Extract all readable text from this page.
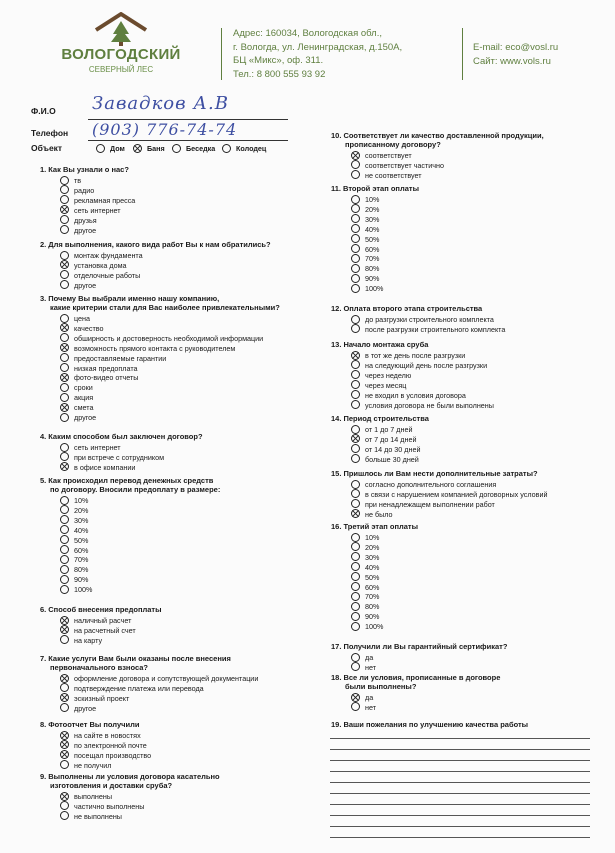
ВОЛОГОДСКИЙ
СЕВЕРНЫЙ ЛЕС
Адрес: 160034, Вологодская обл.,
г. Вологда, ул. Ленинградская, д.150А,
БЦ «Микс», оф. 311.
Тел.: 8 800 555 93 92
E-mail: eco@vosl.ru
Сайт: www.vols.ru
Ф.И.О Завадков А.В
Телефон (903) 776-74-74
Объект	Дом	Баня	Беседка	Колодец
1. Как Вы узнали о нас?
тв
радио
рекламная пресса
сеть интернет
друзья
другое
2. Для выполнения, какого вида работ Вы к нам обратились?
монтаж фундамента
установка дома
отделочные работы
другое
3. Почему Вы выбрали именно нашу компанию,
какие критерии стали для Вас наиболее привлекательными?
цена
качество
обширность и достоверность необходимой информации
возможность прямого контакта с руководителем
предоставляемые гарантии
низкая предоплата
фото-видео отчеты
сроки
акция
смета
другое
4. Каким способом был заключен договор?
сеть интернет
при встрече с сотрудником
в офисе компании
5. Как происходил перевод денежных средств
по договору. Вносили предоплату в размере:
10%
20%
30%
40%
50%
60%
70%
80%
90%
100%
6. Способ внесения предоплаты
наличный расчет
на расчетный счет
на карту
7. Какие услуги Вам были оказаны после внесения
первоначального взноса?
оформление договора и сопутствующей документации
подтверждение платежа или перевода
эскизный проект
другое
8. Фотоотчет Вы получили
на сайте в новостях
по электронной почте
посещал производство
не получил
9. Выполнены ли условия договора касательно
изготовления и доставки сруба?
выполнены
частично выполнены
не выполнены
10. Соответствует ли качество доставленной продукции,
прописанному договору?
соответствует
соответствует частично
не соответствует
11. Второй этап оплаты
10%
20%
30%
40%
50%
60%
70%
80%
90%
100%
12. Оплата второго этапа строительства
до разгрузки строительного комплекта
после разгрузки строительного комплекта
13. Начало монтажа сруба
в тот же день после разгрузки
на следующий день после разгрузки
через неделю
через месяц
не входил в условия договора
условия договора не были выполнены
14. Период строительства
от 1 до 7 дней
от 7 до 14 дней
от 14 до 30 дней
больше 30 дней
15. Пришлось ли Вам нести дополнительные затраты?
согласно дополнительного соглашения
в связи с нарушением компанией договорных условий
при ненадлежащем выполнении работ
не было
16. Третий этап оплаты
10%
20%
30%
40%
50%
60%
70%
80%
90%
100%
17. Получили ли Вы гарантийный сертификат?
да
нет
18. Все ли условия, прописанные в договоре
были выполнены?
да
нет
19. Ваши пожелания по улучшению качества работы
